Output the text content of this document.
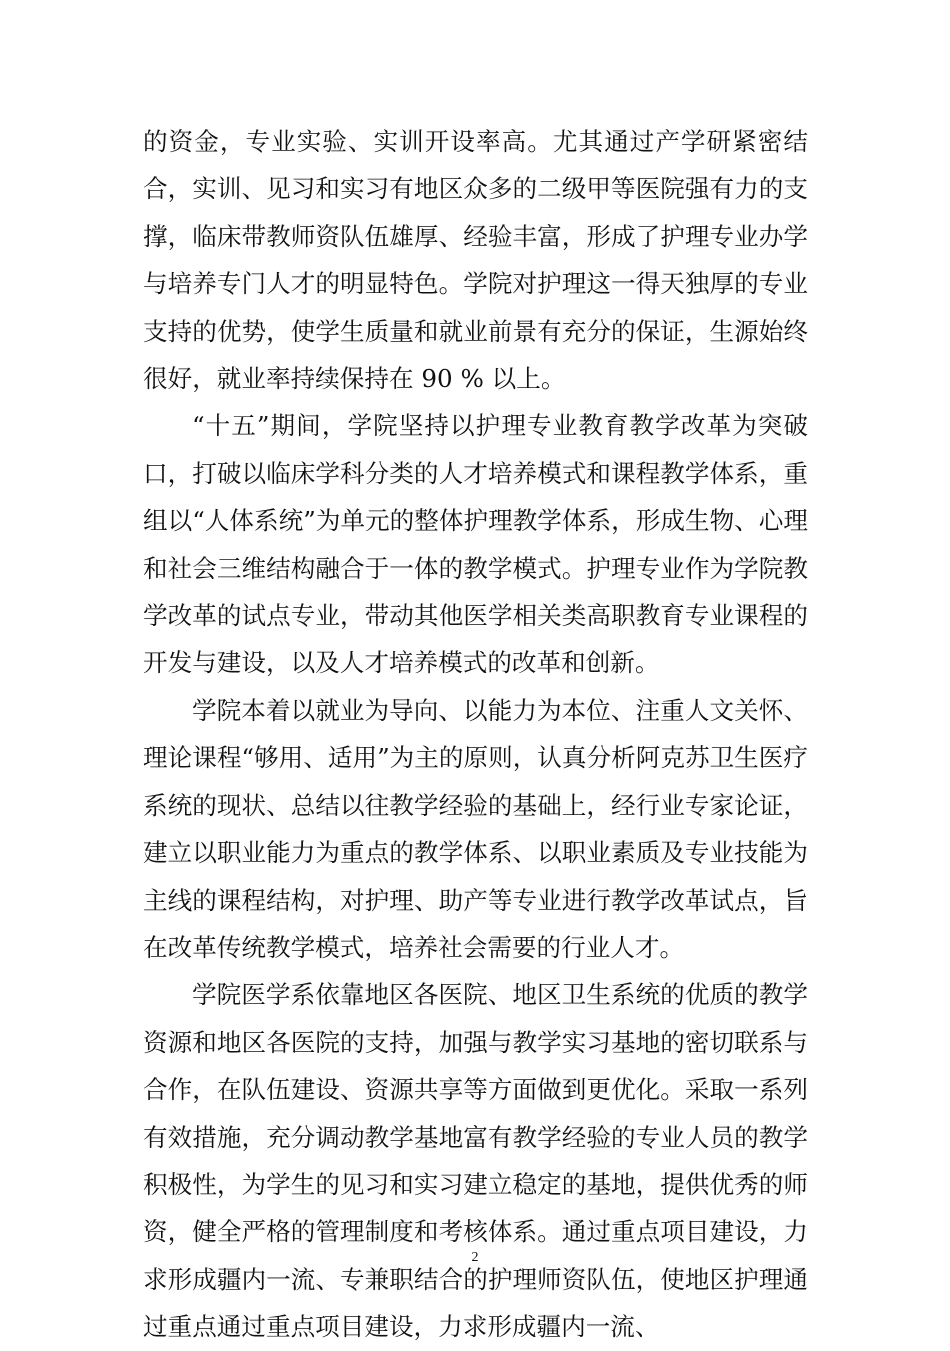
的资金，专业实验、实训开设率高。尤其通过产学研紧密结合，实训、见习和实习有地区众多的二级甲等医院强有力的支撑，临床带教师资队伍雄厚、经验丰富，形成了护理专业办学与培养专门人才的明显特色。学院对护理这一得天独厚的专业支持的优势，使学生质量和就业前景有充分的保证，生源始终很好，就业率持续保持在 90 % 以上。

“十五”期间，学院坚持以护理专业教育教学改革为突破口，打破以临床学科分类的人才培养模式和课程教学体系，重组以“人体系统”为单元的整体护理教学体系，形成生物、心理和社会三维结构融合于一体的教学模式。护理专业作为学院教学改革的试点专业，带动其他医学相关类高职教育专业课程的开发与建设，以及人才培养模式的改革和创新。

学院本着以就业为导向、以能力为本位、注重人文关怀、理论课程“够用、适用”为主的原则，认真分析阿克苏卫生医疗系统的现状、总结以往教学经验的基础上，经行业专家论证，建立以职业能力为重点的教学体系、以职业素质及专业技能为主线的课程结构，对护理、助产等专业进行教学改革试点，旨在改革传统教学模式，培养社会需要的行业人才。

学院医学系依靠地区各医院、地区卫生系统的优质的教学资源和地区各医院的支持，加强与教学实习基地的密切联系与合作，在队伍建设、资源共享等方面做到更优化。采取一系列有效措施，充分调动教学基地富有教学经验的专业人员的教学积极性，为学生的见习和实习建立稳定的基地，提供优秀的师资，健全严格的管理制度和考核体系。通过重点项目建设，力求形成疆内一流、专兼职结合的护理师资队伍，使地区护理通过重点通过重点项目建设，力求形成疆内一流、

2
